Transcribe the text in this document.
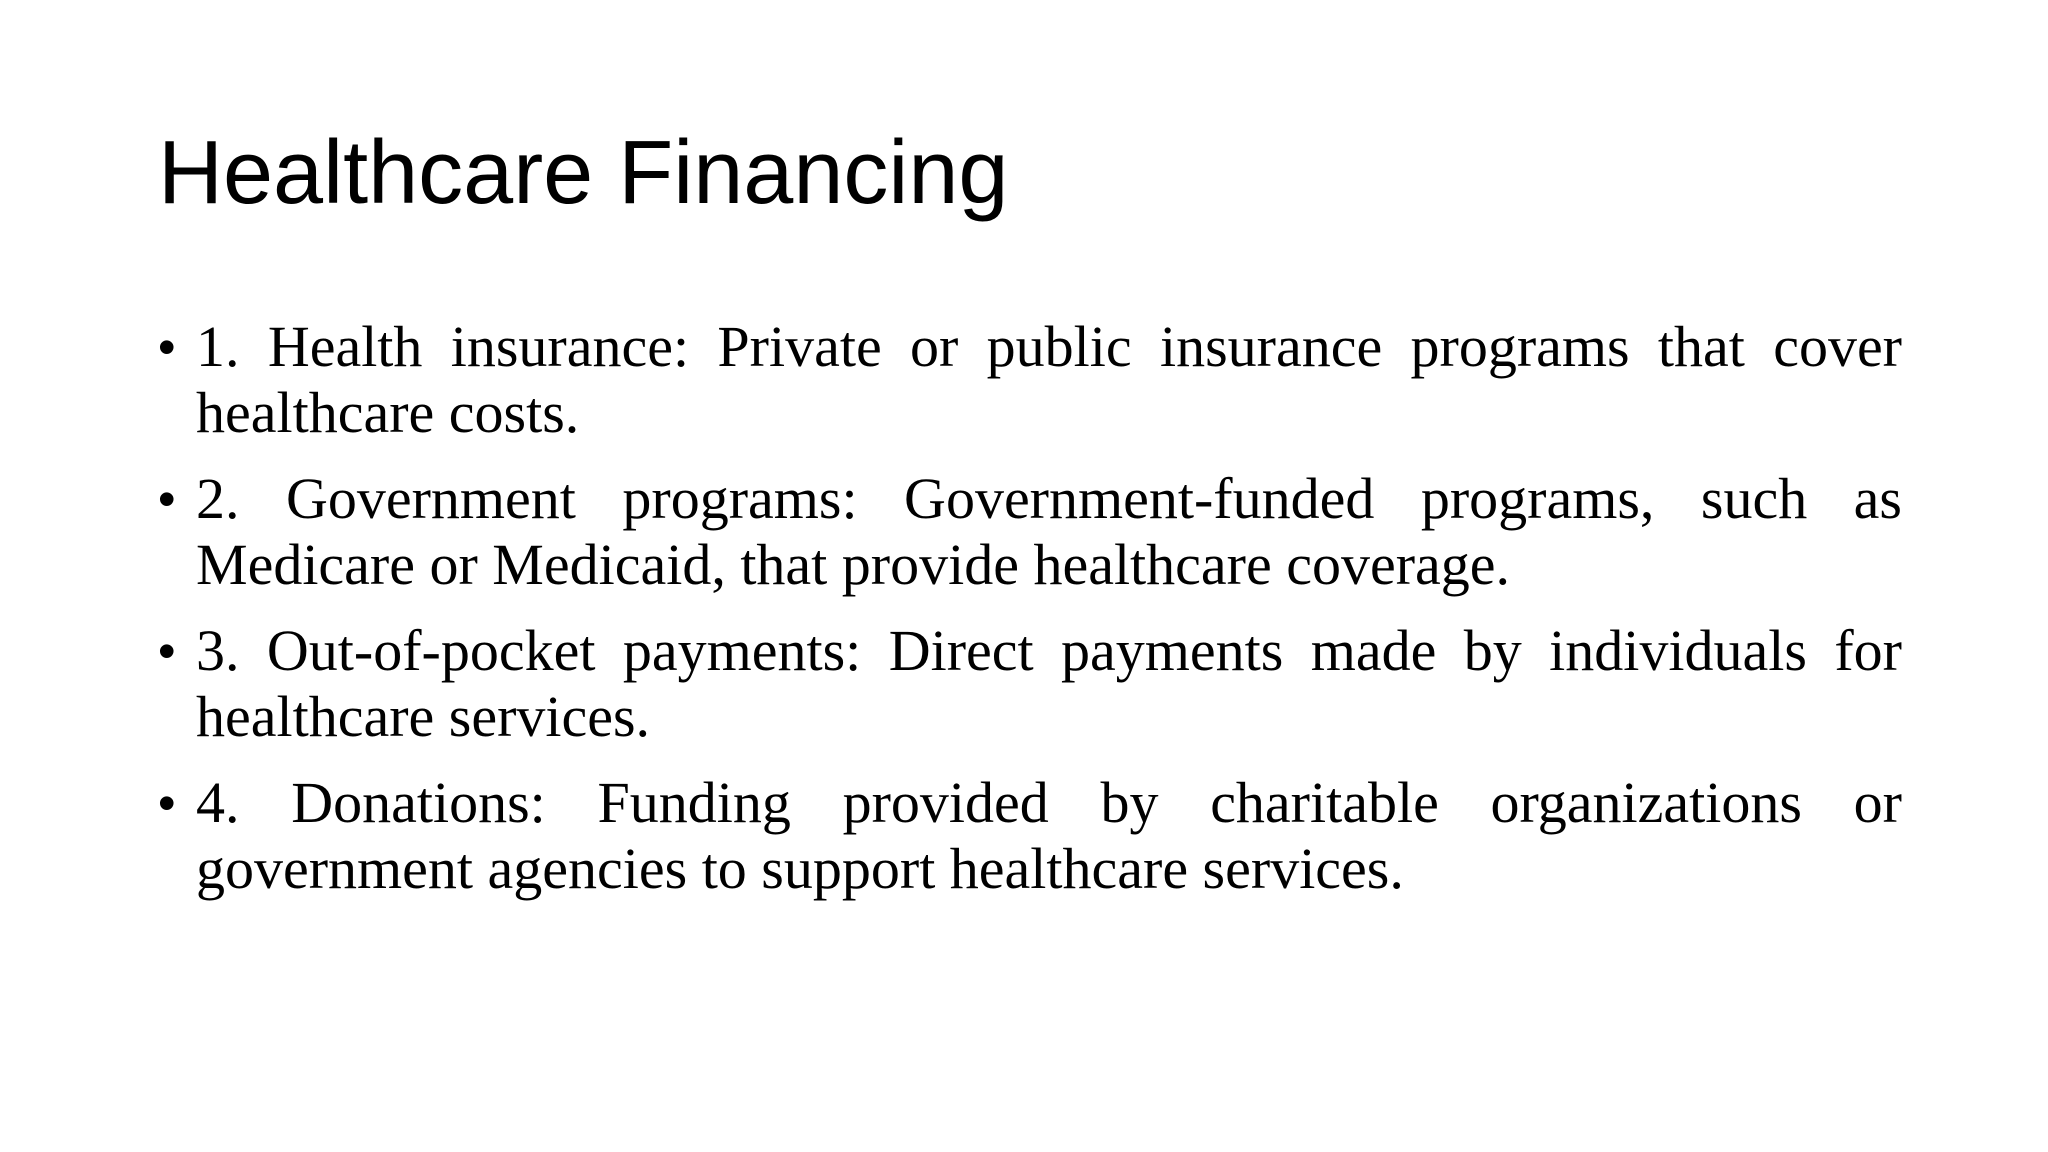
Healthcare Financing
• 1. Health insurance: Private or public insurance programs that cover healthcare costs.
• 2. Government programs: Government-funded programs, such as Medicare or Medicaid, that provide healthcare coverage.
• 3. Out-of-pocket payments: Direct payments made by individuals for healthcare services.
• 4. Donations: Funding provided by charitable organizations or government agencies to support healthcare services.
